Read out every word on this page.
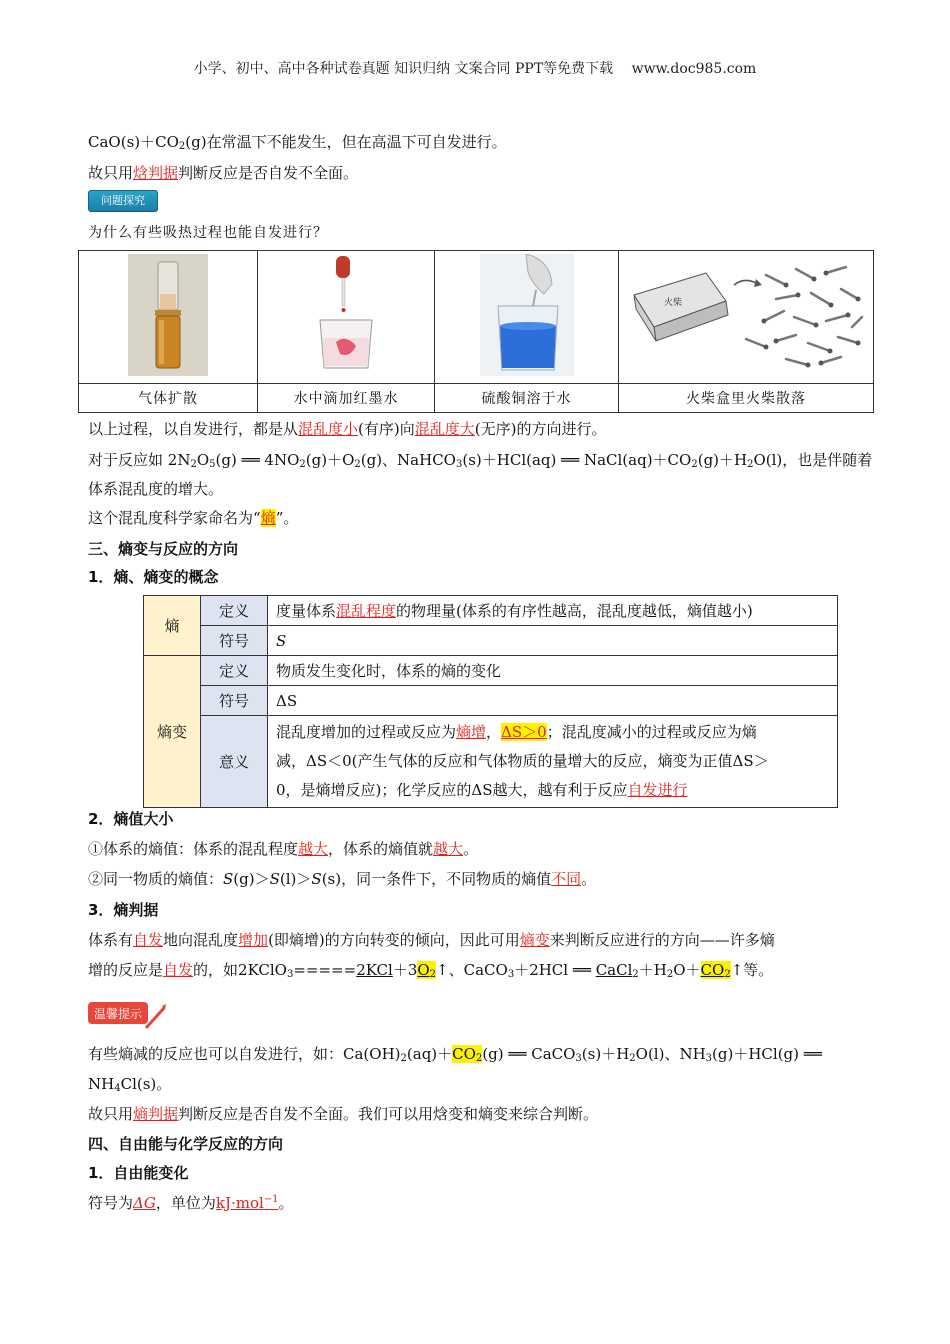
小学、初中、高中各种试卷真题 知识归纳 文案合同 PPT等免费下载　 www.doc985.com
$CaO(s)+CO_2(g)$在常温下不能发生，但在高温下可自发进行。
故只用焓判据判断反应是否自发不全面。
问题探究
为什么有些吸热过程也能自发进行？

火柴

气体扩散	水中滴加红墨水	硫酸铜溶于水	火柴盒里火柴散落
以上过程，以自发进行，都是从混乱度小(有序)向混乱度大(无序)的方向进行。
对于反应如 $2N_2O_5(g)$ ══ $4NO_2(g)+O_2(g)$、NaHCO$_3$(s)＋HCl(aq) ══ $NaCl(aq)+CO_2(g)+H_2O(l)$，也是伴随着
体系混乱度的增大。
这个混乱度科学家命名为“熵”。
三、熵变与反应的方向
1．熵、熵变的概念
熵	定义	度量体系混乱程度的物理量(体系的有序性越高，混乱度越低，熵值越小)
	符号	S
熵变	定义	物质发生变化时，体系的熵的变化
	符号	ΔS
	意义	混乱度增加的过程或反应为熵增，ΔS＞0；混乱度减小的过程或反应为熵
减，ΔS＜0(产生气体的反应和气体物质的量增大的反应，熵变为正值ΔS＞
0，是熵增反应)；化学反应的ΔS越大，越有利于反应自发进行
2．熵值大小
①体系的熵值：体系的混乱程度越大，体系的熵值就越大。
②同一物质的熵值：S(g)＞S(l)＞S(s)，同一条件下，不同物质的熵值不同。
3．熵判据
体系有自发地向混乱度增加(即熵增)的方向转变的倾向，因此可用熵变来判断反应进行的方向——许多熵
增的反应是自发的，如$2KClO_3=====2KCl+3O_2↑$、CaCO$_3$＋2HCl ══ $CaCl_2+H_2O+CO_2↑$等。
温馨提示
有些熵减的反应也可以自发进行，如：$Ca(OH)_2(aq)+CO_2(g)$ ══ $CaCO_3(s)+H_2O(l)$、$NH_3(g)+HCl(g)$ ══
$NH_4Cl(s)$。
故只用熵判据判断反应是否自发不全面。我们可以用焓变和熵变来综合判断。
四、自由能与化学反应的方向
1．自由能变化
符号为ΔG，单位为kJ·mol$^{-1}$。
